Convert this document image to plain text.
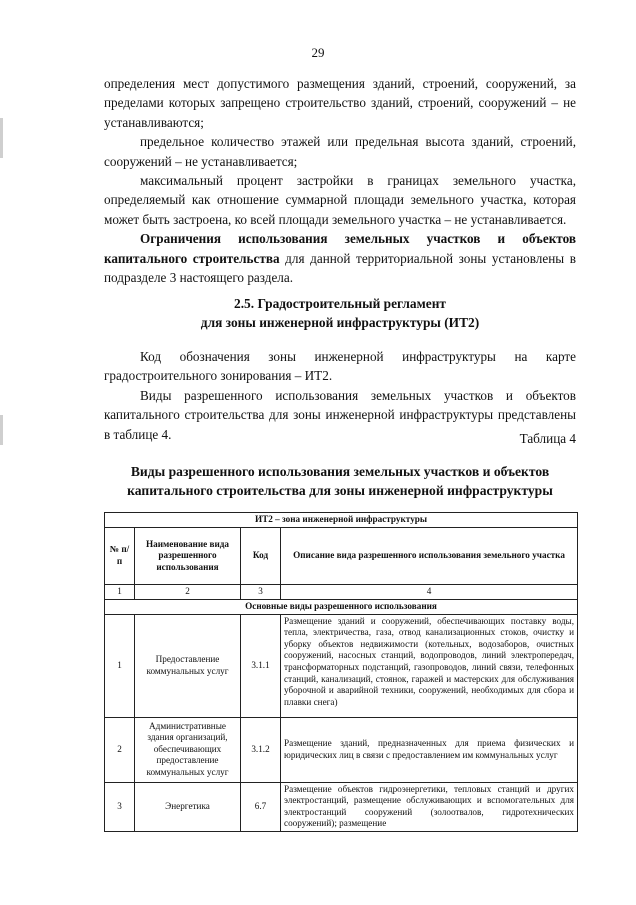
29

определения мест допустимого размещения зданий, строений, сооружений, за пределами которых запрещено строительство зданий, строений, сооружений – не устанавливаются;

предельное количество этажей или предельная высота зданий, строений, сооружений – не устанавливается;

максимальный процент застройки в границах земельного участка, определяемый как отношение суммарной площади земельного участка, которая может быть застроена, ко всей площади земельного участка – не устанавливается.

Ограничения использования земельных участков и объектов капитального строительства для данной территориальной зоны установлены в подразделе 3 настоящего раздела.

2.5. Градостроительный регламент
для зоны инженерной инфраструктуры (ИТ2)

Код обозначения зоны инженерной инфраструктуры на карте градостроительного зонирования – ИТ2.

Виды разрешенного использования земельных участков и объектов капитального строительства для зоны инженерной инфраструктуры представлены в таблице 4.	Таблица 4
Виды разрешенного использования земельных участков и объектов
капитального строительства для зоны инженерной инфраструктуры
ИТ2 – зона инженерной инфраструктуры			
№ п/п	Наименование вида разрешенного использования	Код	Описание вида разрешенного использования земельного участка
1	2	3	4
Основные виды разрешенного использования			
1	Предоставление коммунальных услуг	3.1.1	Размещение зданий и сооружений, обеспечивающих поставку воды, тепла, электричества, газа, отвод канализационных стоков, очистку и уборку объектов недвижимости (котельных, водозаборов, очистных сооружений, насосных станций, водопроводов, линий электропередач, трансформаторных подстанций, газопроводов, линий связи, телефонных станций, канализаций, стоянок, гаражей и мастерских для обслуживания уборочной и аварийной техники, сооружений, необходимых для сбора и плавки снега)
2	Административные здания организаций, обеспечивающих предоставление коммунальных услуг	3.1.2	Размещение зданий, предназначенных для приема физических и юридических лиц в связи с предоставлением им коммунальных услуг
3	Энергетика	6.7	Размещение объектов гидроэнергетики, тепловых станций и других электростанций, размещение обслуживающих и вспомогательных для электростанций сооружений (золоотвалов, гидротехнических сооружений); размещение
